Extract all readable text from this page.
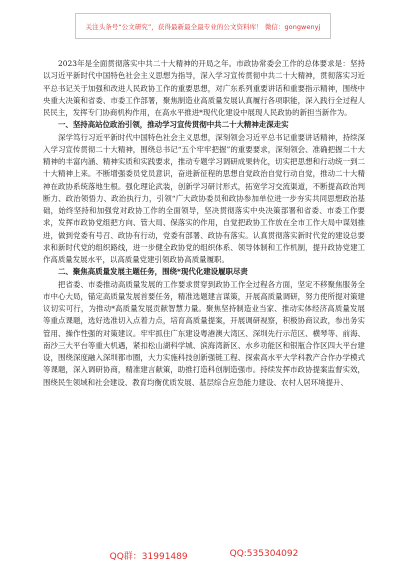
关注头条号“公文研究”，获得最新最全最专业的公文资料库！ 微信：gongwenyj

2023年是全面贯彻落实中共二十大精神的开局之年。市政协常委会工作的总体要求是：坚持以习近平新时代中国特色社会主义思想为指导，深入学习宣传贯彻中共二十大精神，贯彻落实习近平总书记关于加强和改进人民政协工作的重要思想，对广东系列重要讲话和重要指示精神，围绕中央重大决策和省委、市委工作部署，聚焦制造业高质量发展认真履行各项职能，深入践行全过程人民民主，发挥专门协商机构作用，在高水平推进*现代化建设中展现人民政协的新担当新作为。

一、坚持高站位政治引领，推动学习宣传贯彻中共二十大精神走深走实

深学笃行习近平新时代中国特色社会主义思想，深刻领会习近平总书记重要讲话精神，持续深入学习宣传贯彻二十大精神，围绕总书记“五个牢牢把握”的重要要求，深刻领会、准确把握二十大精神的丰富内涵、精神实质和实践要求，推动专题学习调研成果转化，切实把思想和行动统一到二十大精神上来。不断增强委员党员意识，奋进新征程的思想自觉政治自觉行动自觉，推动二十大精神在政协系统落地生根。强化理论武装，创新学习研讨形式，拓宽学习交流渠道，不断提高政治判断力、政治领悟力、政治执行力，引领“广大政协委员和政协参加单位进一步夯实共同思想政治基础，始终坚持和加强党对政协工作的全面领导，坚决贯彻落实中央决策部署和省委、市委工作要求，发挥市政协党组把方向、管大局、保落实的作用，自觉把政协工作放在全市工作大局中谋划推进，做到党委有号召、政协有行动，党委有部署、政协有落实。认真贯彻落实新时代党的建设总要求和新时代党的组织路线，进一步健全政协党的组织体系、领导体制和工作机制，提升政协党建工作高质量发展水平，以高质量党建引领政协高质量履职。

二、聚焦高质量发展主题任务，围绕*现代化建设履职尽责

把省委、市委推动高质量发展的工作要求贯穿到政协工作全过程各方面，坚定不移聚焦服务全市中心大局，锚定高质量发展首要任务，精准选题建言谋策，开展高质量调研，努力使所提对策建议切实可行，为推动*高质量发展贡献智慧力量。聚焦坚持制造业当家、推动实体经济高质量发展等重点课题，选好选准切入点着力点，培育高质量提案，开展调研视察，积极协商议政，参出务实管用、操作性强的对策建议。牢牢抓住广东建设粤港澳大湾区、深圳先行示范区、横琴等、前海、南沙三大平台等重大机遇，紧扣松山湖科学城、滨海湾新区、水乡功能区和银瓶合作区四大平台建设，围绕深度融入深圳都市圈，大力实施科技创新强链工程、探索高水平大学科教产合作办学模式等课题，深入调研协商，精准建言献策，助推打造科创制造强市。持续发挥市政协提案监督实效，围绕民生领域和社会建设、教育均衡优质发展、基层综合应急能力建设、农村人居环境提升、

QQ群：31991489	QQ:535304092
